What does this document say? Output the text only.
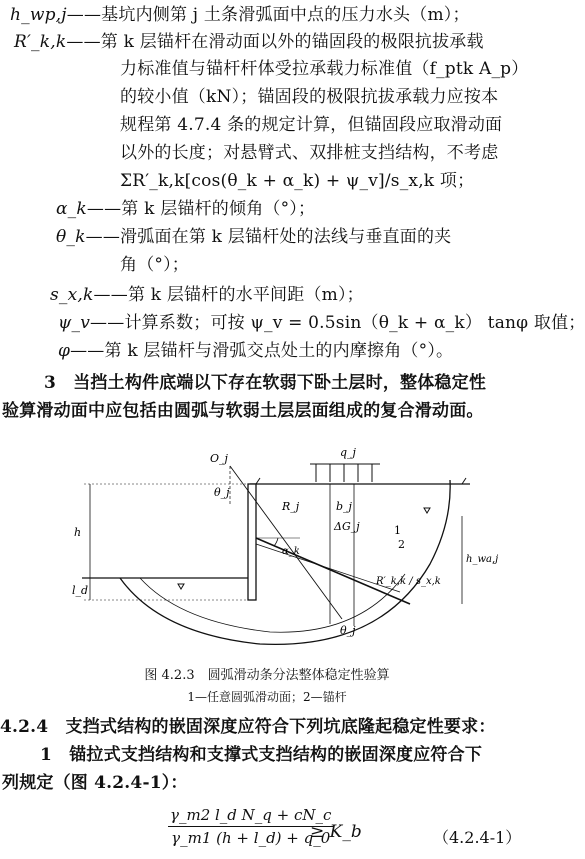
h_wp,j——基坑内侧第 j 土条滑弧面中点的压力水头（m）；
R′_k,k——第 k 层锚杆在滑动面以外的锚固段的极限抗拔承载
力标准值与锚杆杆体受拉承载力标准值（f_ptk A_p）
的较小值（kN）；锚固段的极限抗拔承载力应按本
规程第 4.7.4 条的规定计算，但锚固段应取滑动面
以外的长度；对悬臂式、双排桩支挡结构，不考虑
ΣR′_k,k[cos(θ_k + α_k) + ψ_v]/s_x,k 项；
α_k——第 k 层锚杆的倾角（°）；
θ_k——滑弧面在第 k 层锚杆处的法线与垂直面的夹
角（°）；
s_x,k——第 k 层锚杆的水平间距（m）；
ψ_v——计算系数；可按 ψ_v = 0.5sin（θ_k + α_k） tanφ 取值；
φ——第 k 层锚杆与滑弧交点处土的内摩擦角（°）。
3　当挡土构件底端以下存在软弱下卧土层时，整体稳定性
验算滑动面中应包括由圆弧与软弱土层层面组成的复合滑动面。
O_j	q_j
θ_j
R_j	b_j
ΔG_j
h
l_d
h_wa,j
α_k
1
2
R′_k,k / s_x,k
θ_j
图 4.2.3　圆弧滑动条分法整体稳定性验算
1—任意圆弧滑动面；2—锚杆
4.2.4　支挡式结构的嵌固深度应符合下列坑底隆起稳定性要求：
1　锚拉式支挡结构和支撑式支挡结构的嵌固深度应符合下
列规定（图 4.2.4-1）：
$\frac{\text{γ\_m2 l\_d N\_q + cN\_c}}{\gamma\_m1 (h + l\_d) + q\_0}$
≥ K_b	（4.2.4-1）
